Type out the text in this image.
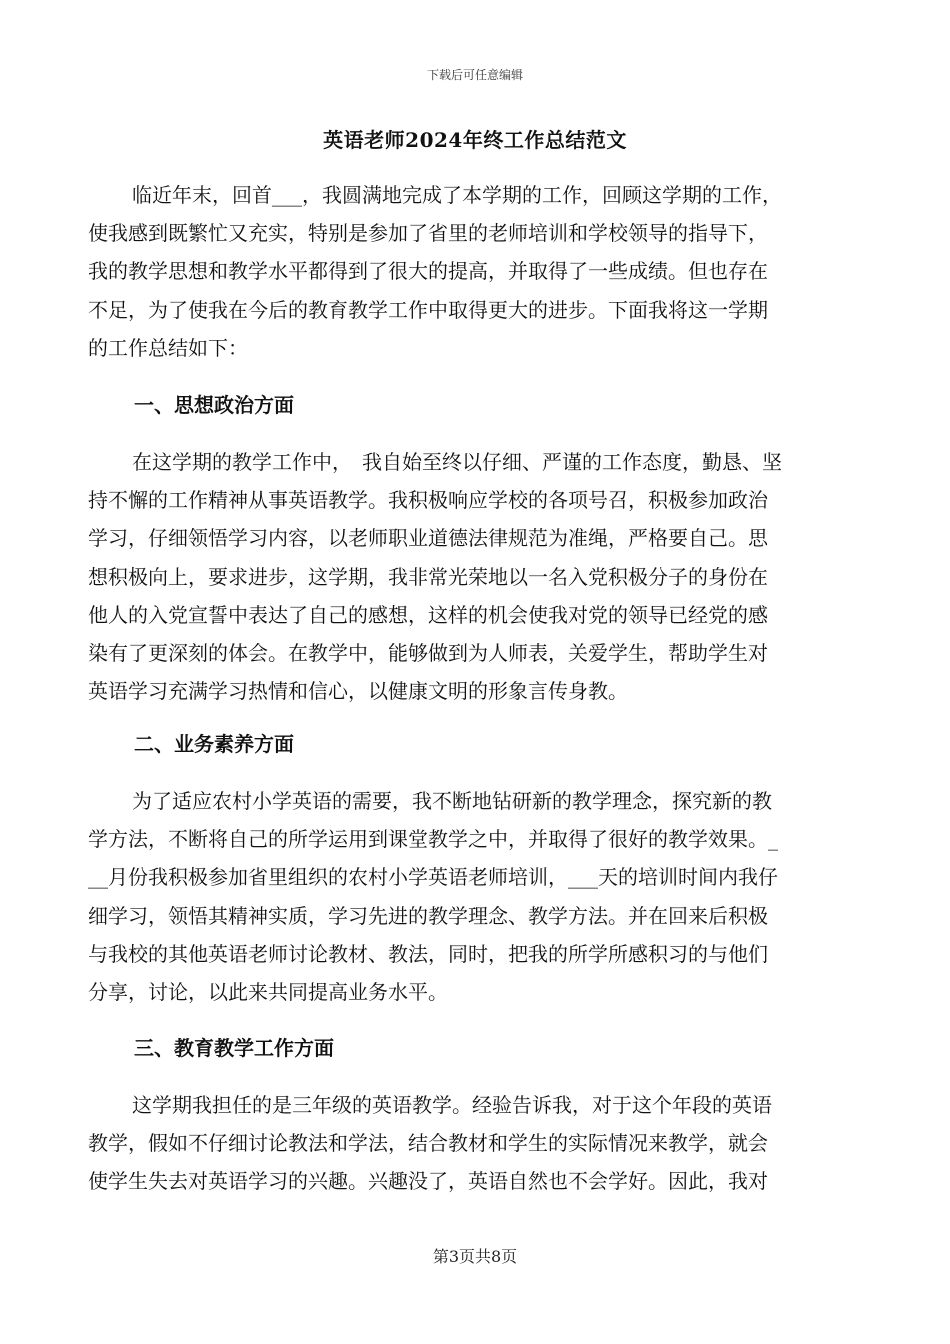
下载后可任意编辑
英语老师2024年终工作总结范文
临近年末，回首___，我圆满地完成了本学期的工作，回顾这学期的工作，
使我感到既繁忙又充实，特别是参加了省里的老师培训和学校领导的指导下，
我的教学思想和教学水平都得到了很大的提高，并取得了一些成绩。但也存在
不足，为了使我在今后的教育教学工作中取得更大的进步。下面我将这一学期
的工作总结如下：
一、思想政治方面
在这学期的教学工作中，　我自始至终以仔细、严谨的工作态度，勤恳、坚
持不懈的工作精神从事英语教学。我积极响应学校的各项号召，积极参加政治
学习，仔细领悟学习内容，以老师职业道德法律规范为准绳，严格要自己。思
想积极向上，要求进步，这学期，我非常光荣地以一名入党积极分子的身份在
他人的入党宣誓中表达了自己的感想，这样的机会使我对党的领导已经党的感
染有了更深刻的体会。在教学中，能够做到为人师表，关爱学生，帮助学生对
英语学习充满学习热情和信心，以健康文明的形象言传身教。
二、业务素养方面
为了适应农村小学英语的需要，我不断地钻研新的教学理念，探究新的教
学方法，不断将自己的所学运用到课堂教学之中，并取得了很好的教学效果。_
__月份我积极参加省里组织的农村小学英语老师培训，___天的培训时间内我仔
细学习，领悟其精神实质，学习先进的教学理念、教学方法。并在回来后积极
与我校的其他英语老师讨论教材、教法，同时，把我的所学所感积习的与他们
分享，讨论，以此来共同提高业务水平。
三、教育教学工作方面
这学期我担任的是三年级的英语教学。经验告诉我，对于这个年段的英语
教学，假如不仔细讨论教法和学法，结合教材和学生的实际情况来教学，就会
使学生失去对英语学习的兴趣。兴趣没了，英语自然也不会学好。因此，我对
第3页共8页
